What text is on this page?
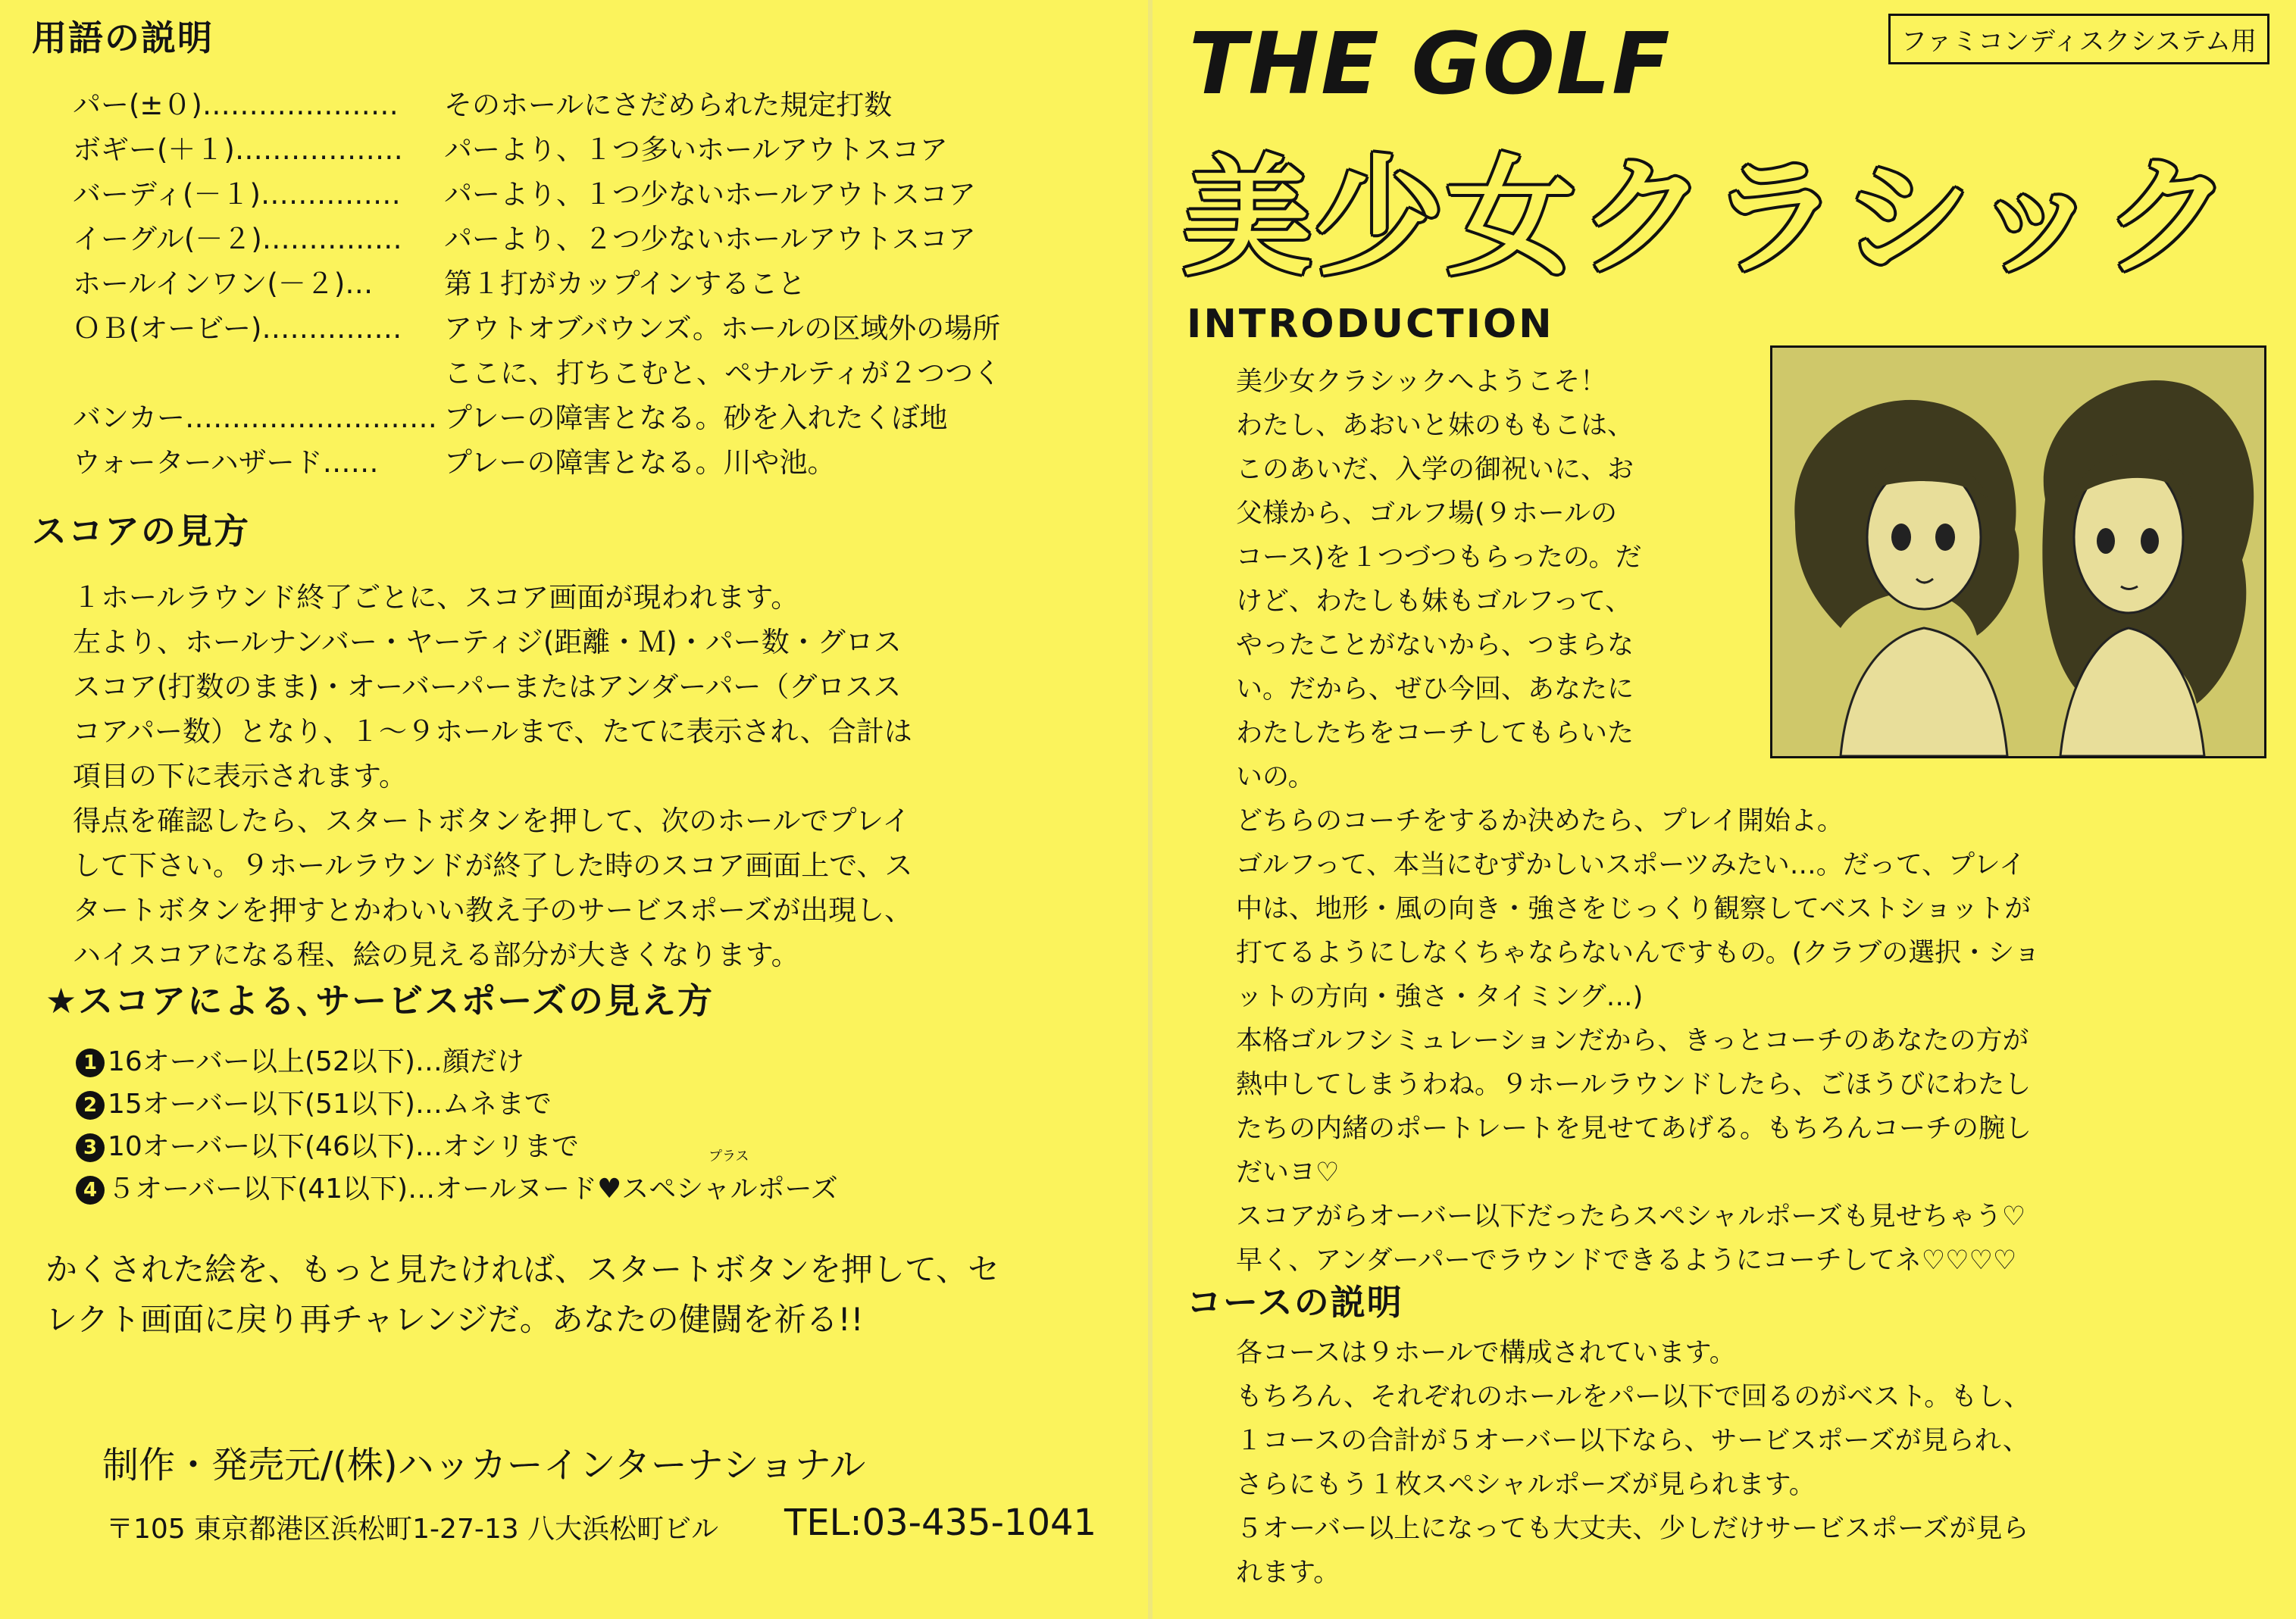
用語の説明
パー(±０)………………… そのホールにさだめられた規定打数
ボギー(＋１)……………… パーより、１つ多いホールアウトスコア
バーディ(－１)…………… パーより、１つ少ないホールアウトスコア
イーグル(－２)…………… パーより、２つ少ないホールアウトスコア
ホールインワン(－２)…	第１打がカップインすること
ＯＢ(オービー)…………… アウトオブバウンズ。ホールの区域外の場所
ここに、打ちこむと、ペナルティが２つつく
バンカー……………………… プレーの障害となる。砂を入れたくぼ地
ウォーターハザード…… プレーの障害となる。川や池。
スコアの見方
１ホールラウンド終了ごとに、スコア画面が現われます。
左より、ホールナンバー・ヤーティジ(距離・Ｍ)・パー数・グロス
スコア(打数のまま)・オーバーパーまたはアンダーパー（グロスス
コアパー数）となり、１～９ホールまで、たてに表示され、合計は
項目の下に表示されます。
得点を確認したら、スタートボタンを押して、次のホールでプレイ
して下さい。９ホールラウンドが終了した時のスコア画面上で、ス
タートボタンを押すとかわいい教え子のサービスポーズが出現し、
ハイスコアになる程、絵の見える部分が大きくなります。
★スコアによる､サービスポーズの見え方
1 16オーバー以上(52以下)…顔だけ
2 15オーバー以下(51以下)…ムネまで
3 10オーバー以下(46以下)…オシリまで	プラス
4 ５オーバー以下(41以下)…オールヌード♥スペシャルポーズ
かくされた絵を、もっと見たければ、スタートボタンを押して、セ
レクト画面に戻り再チャレンジだ。あなたの健闘を祈る!!
制作・発売元/(株)ハッカーインターナショナル
〒105 東京都港区浜松町1-27-13 八大浜松町ビル TEL:03-435-1041
ファミコンディスクシステム用
THE GOLF
美少女クラシック
INTRODUCTION
美少女クラシックへようこそ！
わたし、あおいと妹のももこは、
このあいだ、入学の御祝いに、お
父様から、ゴルフ場(９ホールの
コース)を１つづつもらったの。だ
けど、わたしも妹もゴルフって、
やったことがないから、つまらな
い。だから、ぜひ今回、あなたに
わたしたちをコーチしてもらいた
いの。
どちらのコーチをするか決めたら、プレイ開始よ。
ゴルフって、本当にむずかしいスポーツみたい…。だって、プレイ
中は、地形・風の向き・強さをじっくり観察してベストショットが
打てるようにしなくちゃならないんですもの。(クラブの選択・ショ
ットの方向・強さ・タイミング…)
本格ゴルフシミュレーションだから、きっとコーチのあなたの方が
熱中してしまうわね。９ホールラウンドしたら、ごほうびにわたし
たちの内緒のポートレートを見せてあげる。もちろんコーチの腕し
だいヨ♡
スコアがらオーバー以下だったらスペシャルポーズも見せちゃう♡
早く、アンダーパーでラウンドできるようにコーチしてネ♡♡♡♡
コースの説明
各コースは９ホールで構成されています。
もちろん、それぞれのホールをパー以下で回るのがベスト。もし、
１コースの合計が５オーバー以下なら、サービスポーズが見られ、
さらにもう１枚スペシャルポーズが見られます。
５オーバー以上になっても大丈夫、少しだけサービスポーズが見ら
れます。
